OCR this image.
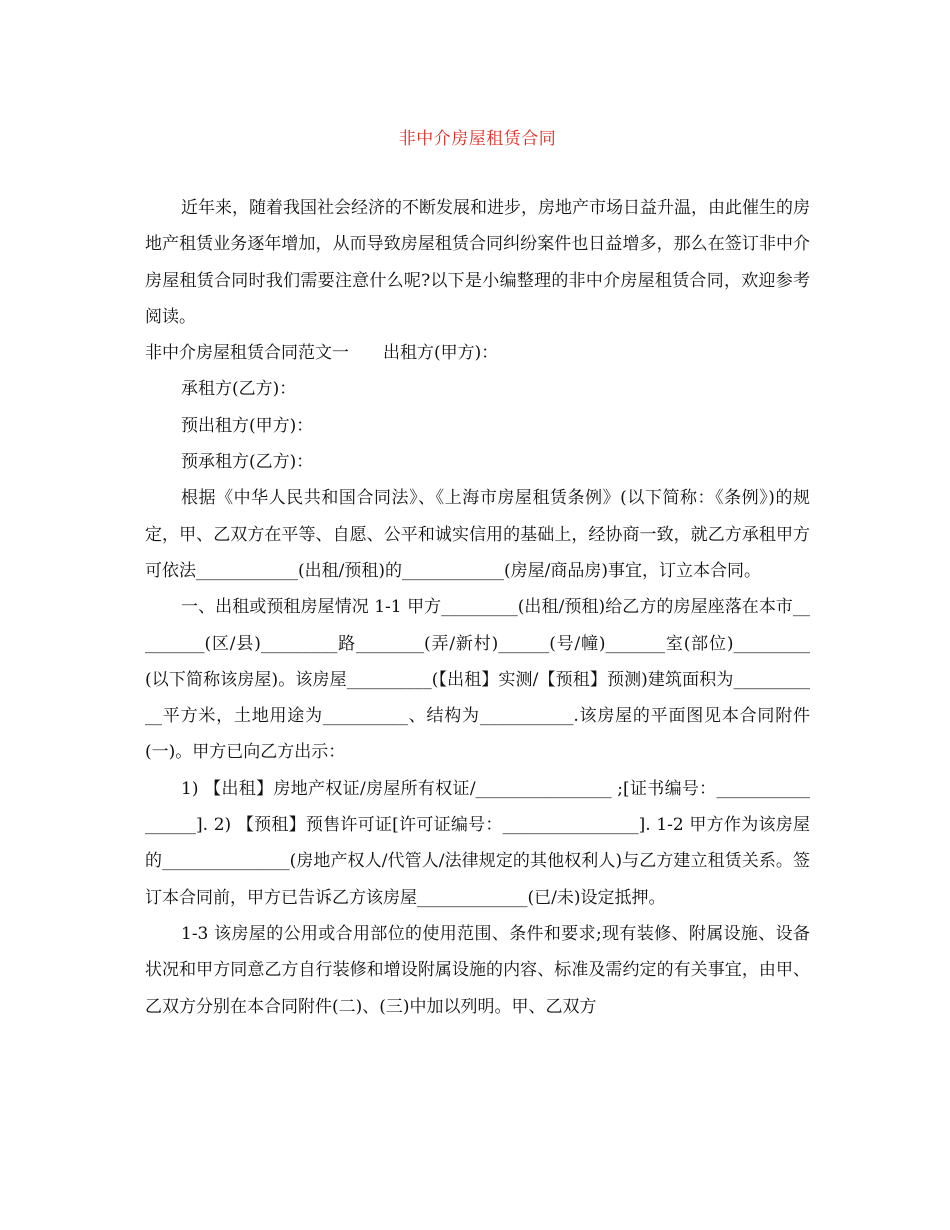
非中介房屋租赁合同

近年来，随着我国社会经济的不断发展和进步，房地产市场日益升温，由此催生的房地产租赁业务逐年增加，从而导致房屋租赁合同纠纷案件也日益增多，那么在签订非中介房屋租赁合同时我们需要注意什么呢?以下是小编整理的非中介房屋租赁合同，欢迎参考阅读。

非中介房屋租赁合同范文一　　出租方(甲方)：

承租方(乙方)：

预出租方(甲方)：

预承租方(乙方)：

根据《中华人民共和国合同法》、《上海市房屋租赁条例》(以下简称：《条例》)的规定，甲、乙双方在平等、自愿、公平和诚实信用的基础上，经协商一致，就乙方承租甲方可依法____________(出租/预租)的____________(房屋/商品房)事宜，订立本合同。

一、出租或预租房屋情况 1-1 甲方_________(出租/预租)给乙方的房屋座落在本市_________(区/县)_________路________(弄/新村)______(号/幢)_______室(部位)_________(以下简称该房屋)。该房屋__________(【出租】实测/【预租】预测)建筑面积为___________平方米，土地用途为__________、结构为___________.该房屋的平面图见本合同附件(一)。甲方已向乙方出示：

1) 【出租】房地产权证/房屋所有权证/________________ ;[证书编号：_________________]. 2) 【预租】预售许可证[许可证编号：________________]. 1-2 甲方作为该房屋的_______________(房地产权人/代管人/法律规定的其他权利人)与乙方建立租赁关系。签订本合同前，甲方已告诉乙方该房屋_____________(已/未)设定抵押。

1-3 该房屋的公用或合用部位的使用范围、条件和要求;现有装修、附属设施、设备状况和甲方同意乙方自行装修和增设附属设施的内容、标准及需约定的有关事宜，由甲、乙双方分别在本合同附件(二)、(三)中加以列明。甲、乙双方
